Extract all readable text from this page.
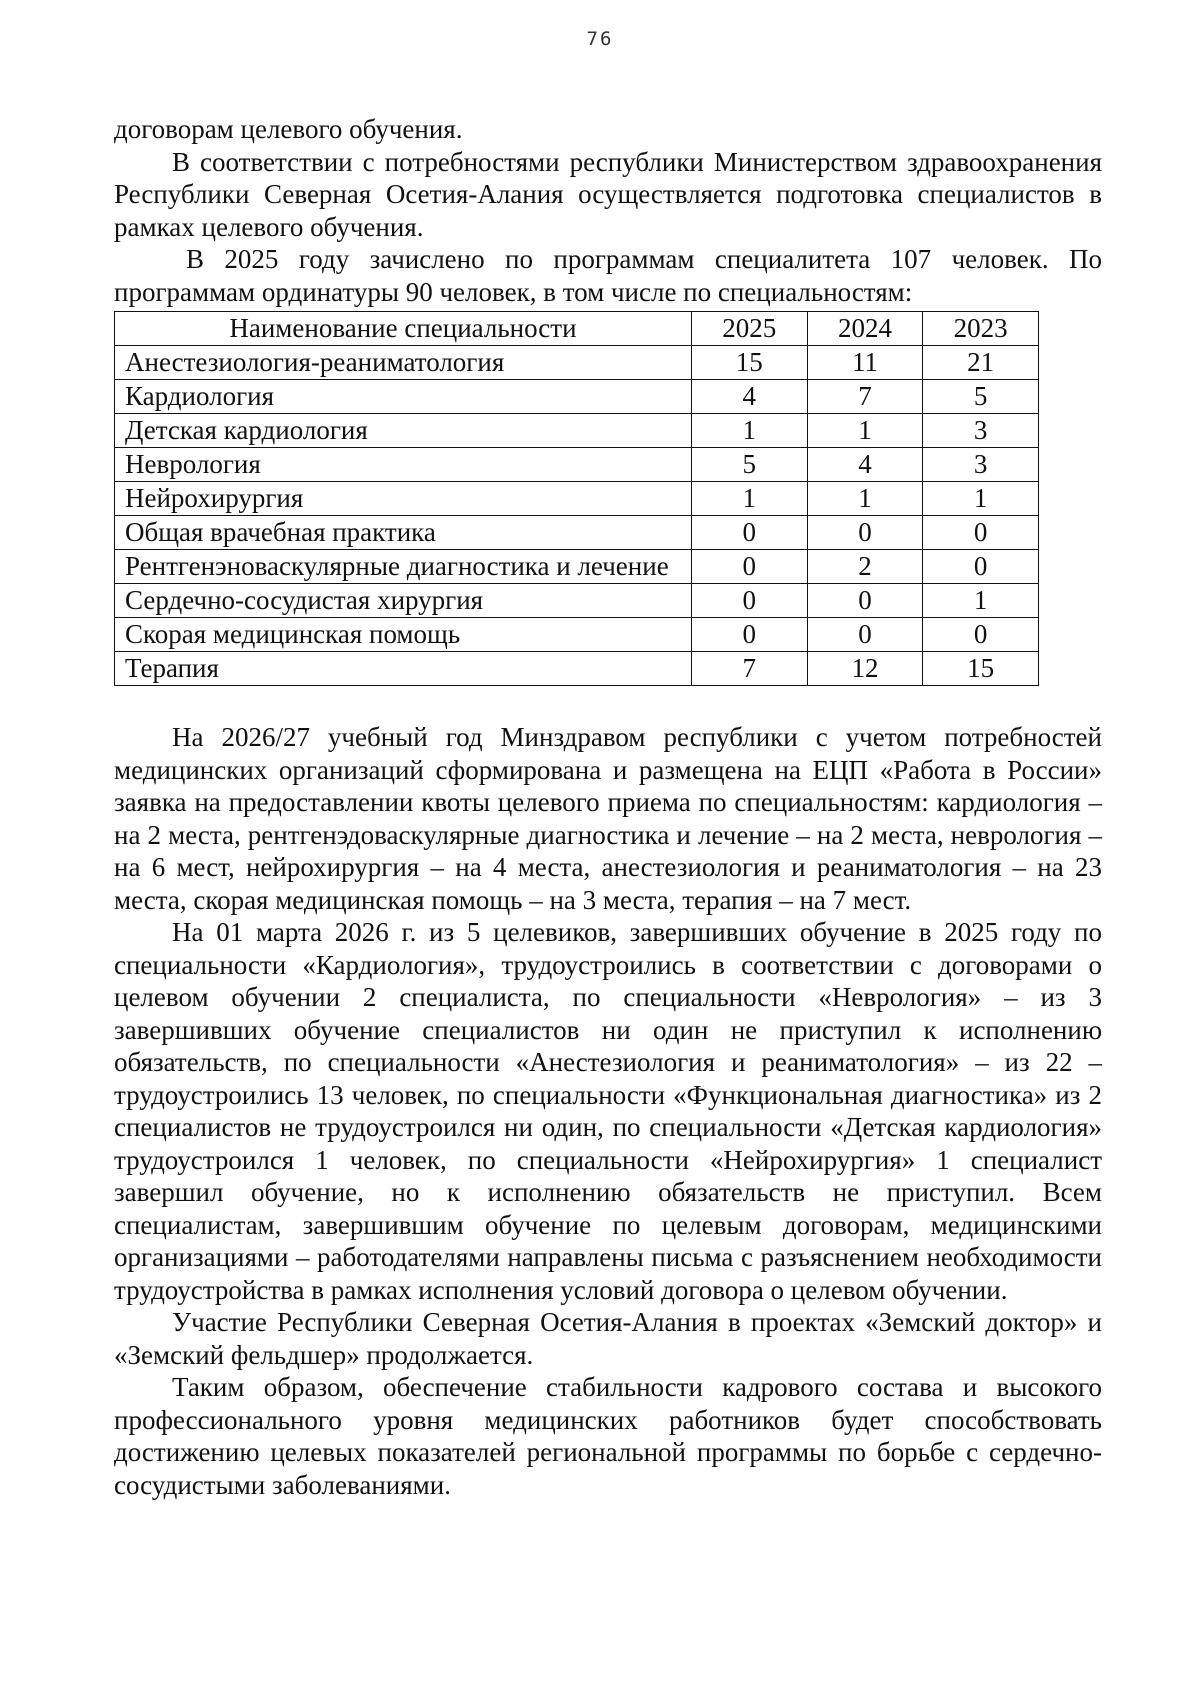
76

договорам целевого обучения.

В соответствии с потребностями республики Министерством здравоохранения Республики Северная Осетия-Алания осуществляется подготовка специалистов в рамках целевого обучения.

В 2025 году зачислено по программам специалитета 107 человек. По программам ординатуры 90 человек, в том числе по специальностям:

Наименование специальности	2025	2024	2023
Анестезиология-реаниматология	15	11	21
Кардиология	4	7	5
Детская кардиология	1	1	3
Неврология	5	4	3
Нейрохирургия	1	1	1
Общая врачебная практика	0	0	0
Рентгенэноваскулярные диагностика и лечение	0	2	0
Сердечно-сосудистая хирургия	0	0	1
Скорая медицинская помощь	0	0	0
Терапия	7	12	15

На 2026/27 учебный год Минздравом республики с учетом потребностей медицинских организаций сформирована и размещена на ЕЦП «Работа в России» заявка на предоставлении квоты целевого приема по специальностям: кардиология – на 2 места, рентгенэдоваскулярные диагностика и лечение – на 2 места, неврология – на 6 мест, нейрохирургия – на 4 места, анестезиология и реаниматология – на 23 места, скорая медицинская помощь – на 3 места, терапия – на 7 мест.

На 01 марта 2026 г. из 5 целевиков, завершивших обучение в 2025 году по специальности «Кардиология», трудоустроились в соответствии с договорами о целевом обучении 2 специалиста, по специальности «Неврология» – из 3 завершивших обучение специалистов ни один не приступил к исполнению обязательств, по специальности «Анестезиология и реаниматология» – из 22 – трудоустроились 13 человек, по специальности «Функциональная диагностика» из 2 специалистов не трудоустроился ни один, по специальности «Детская кардиология» трудоустроился 1 человек, по специальности «Нейрохирургия» 1 специалист завершил обучение, но к исполнению обязательств не приступил. Всем специалистам, завершившим обучение по целевым договорам, медицинскими организациями – работодателями направлены письма с разъяснением необходимости трудоустройства в рамках исполнения условий договора о целевом обучении.

Участие Республики Северная Осетия-Алания в проектах «Земский доктор» и «Земский фельдшер» продолжается.

Таким образом, обеспечение стабильности кадрового состава и высокого профессионального уровня медицинских работников будет способствовать достижению целевых показателей региональной программы по борьбе с сердечно-сосудистыми заболеваниями.
